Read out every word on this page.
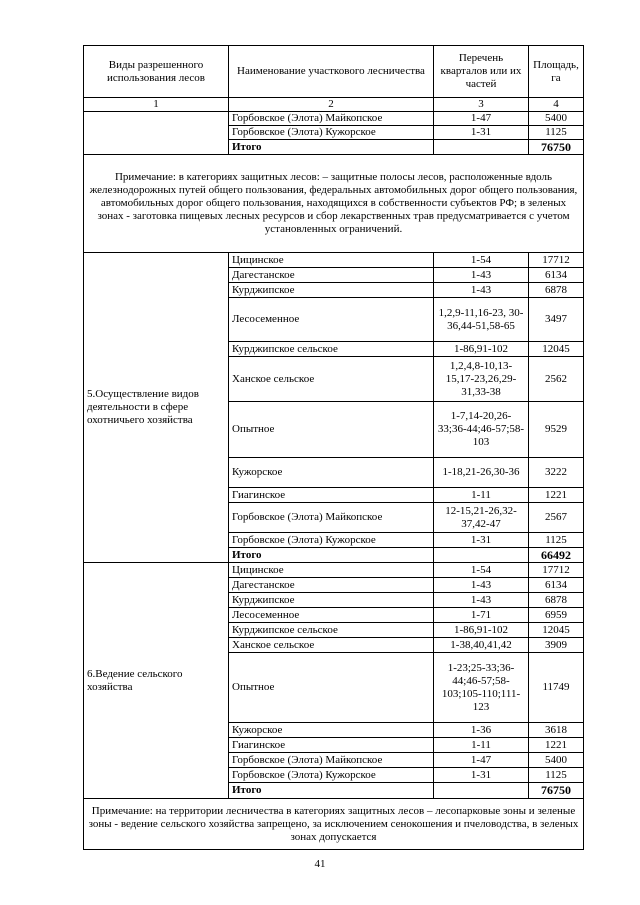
Виды разрешенного использования лесов	Наименование участкового лесничества	Перечень кварталов или их частей	Площадь, га
1	2	3	4
	Горбовское (Элота) Майкопское	1-47	5400
	Горбовское (Элота) Кужорское	1-31	1125
	Итого		76750
Примечание: в категориях защитных лесов: – защитные полосы лесов, расположенные вдоль железнодорожных путей общего пользования, федеральных автомобильных дорог общего пользования, автомобильных дорог общего пользования, находящихся в собственности субъектов РФ; в зеленых зонах - заготовка пищевых лесных ресурсов и сбор лекарственных трав предусматривается с учетом установленных ограничений.			
5.Осуществление видов деятельности в сфере охотничьего хозяйства	Цицинское	1-54	17712
	Дагестанское	1-43	6134
	Курджипское	1-43	6878
	Лесосеменное	1,2,9-11,16-23, 30-36,44-51,58-65	3497
	Курджипское сельское	1-86,91-102	12045
	Ханское сельское	1,2,4,8-10,13-15,17-23,26,29-31,33-38	2562
	Опытное	1-7,14-20,26-33;36-44;46-57;58-103	9529
	Кужорское	1-18,21-26,30-36	3222
	Гиагинское	1-11	1221
	Горбовское (Элота) Майкопское	12-15,21-26,32-37,42-47	2567
	Горбовское (Элота) Кужорское	1-31	1125
	Итого		66492
6.Ведение сельского хозяйства	Цицинское	1-54	17712
	Дагестанское	1-43	6134
	Курджипское	1-43	6878
	Лесосеменное	1-71	6959
	Курджипское сельское	1-86,91-102	12045
	Ханское сельское	1-38,40,41,42	3909
	Опытное	1-23;25-33;36-44;46-57;58-103;105-110;111-123	11749
	Кужорское	1-36	3618
	Гиагинское	1-11	1221
	Горбовское (Элота) Майкопское	1-47	5400
	Горбовское (Элота) Кужорское	1-31	1125
	Итого		76750
Примечание: на территории лесничества в категориях защитных лесов – лесопарковые зоны и зеленые зоны - ведение сельского хозяйства запрещено, за исключением сенокошения и пчеловодства, в зеленых зонах допускается			
41
